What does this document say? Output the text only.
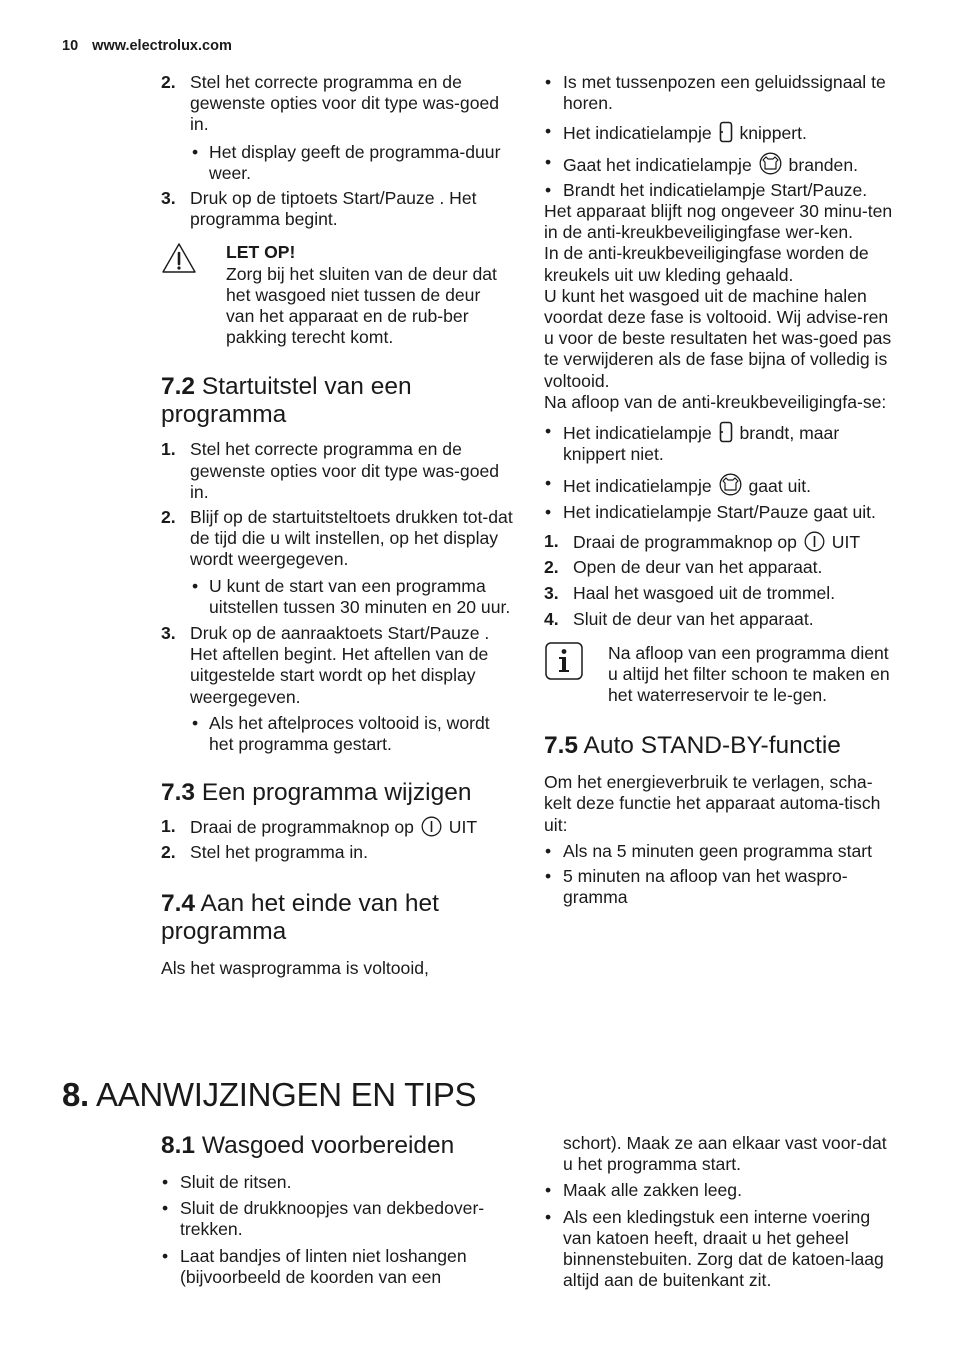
10 www.electrolux.com
2. Stel het correcte programma en de gewenste opties voor dit type was-goed in.

• Het display geeft de programma-duur weer.

3. Druk op de tiptoets Start/Pauze . Het programma begint.

LET OP!
Zorg bij het sluiten van de deur dat het wasgoed niet tussen de deur van het apparaat en de rub-ber pakking terecht komt.

7.2 Startuitstel van een programma
1. Stel het correcte programma en de gewenste opties voor dit type was-goed in.

2. Blijf op de startuitsteltoets drukken tot-dat de tijd die u wilt instellen, op het display wordt weergegeven.

• U kunt de start van een programma uitstellen tussen 30 minuten en 20 uur.

3. Druk op de aanraaktoets Start/Pauze . Het aftellen begint. Het aftellen van de uitgestelde start wordt op het display weergegeven.

• Als het aftelproces voltooid is, wordt het programma gestart.

7.3 Een programma wijzigen
1. Draai de programmaknop op UIT

2. Stel het programma in.

7.4 Aan het einde van het programma

Als het wasprogramma is voltooid,

• Is met tussenpozen een geluidssignaal te horen.

• Het indicatielampje knippert.

• Gaat het indicatielampje branden.

• Brandt het indicatielampje Start/Pauze.

Het apparaat blijft nog ongeveer 30 minu-ten in de anti-kreukbeveiligingfase wer-ken.

In de anti-kreukbeveiligingfase worden de kreukels uit uw kleding gehaald.

U kunt het wasgoed uit de machine halen voordat deze fase is voltooid. Wij advise-ren u voor de beste resultaten het was-goed pas te verwijderen als de fase bijna of volledig is voltooid.

Na afloop van de anti-kreukbeveiligingfa-se:

• Het indicatielampje brandt, maar knippert niet.

• Het indicatielampje gaat uit.

• Het indicatielampje Start/Pauze gaat uit.

1. Draai de programmaknop op UIT

2. Open de deur van het apparaat.

3. Haal het wasgoed uit de trommel.

4. Sluit de deur van het apparaat.

Na afloop van een programma dient u altijd het filter schoon te maken en het waterreservoir te le-gen.

7.5 Auto STAND-BY-functie

Om het energieverbruik te verlagen, scha-kelt deze functie het apparaat automa-tisch uit:

• Als na 5 minuten geen programma start

• 5 minuten na afloop van het waspro-gramma

8. AANWIJZINGEN EN TIPS
8.1 Wasgoed voorbereiden

• Sluit de ritsen.

• Sluit de drukknoopjes van dekbedover-trekken.

• Laat bandjes of linten niet loshangen (bijvoorbeeld de koorden van een

schort). Maak ze aan elkaar vast voor-dat u het programma start.

• Maak alle zakken leeg.

• Als een kledingstuk een interne voering van katoen heeft, draait u het geheel binnenstebuiten. Zorg dat de katoen-laag altijd aan de buitenkant zit.
